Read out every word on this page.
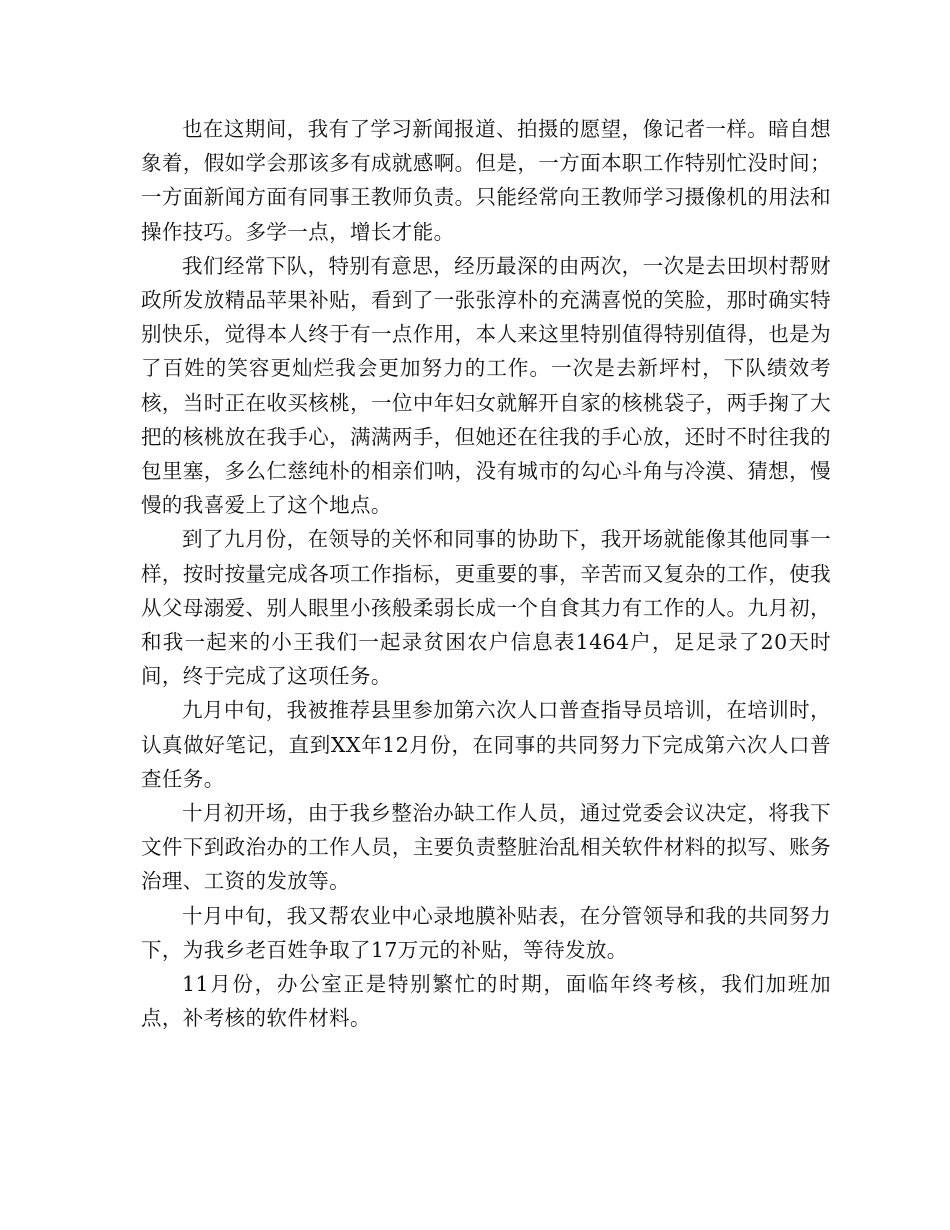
也在这期间，我有了学习新闻报道、拍摄的愿望，像记者一样。暗自想象着，假如学会那该多有成就感啊。但是，一方面本职工作特别忙没时间；一方面新闻方面有同事王教师负责。只能经常向王教师学习摄像机的用法和操作技巧。多学一点，增长才能。

我们经常下队，特别有意思，经历最深的由两次，一次是去田坝村帮财政所发放精品苹果补贴，看到了一张张淳朴的充满喜悦的笑脸，那时确实特别快乐，觉得本人终于有一点作用，本人来这里特别值得特别值得，也是为了百姓的笑容更灿烂我会更加努力的工作。一次是去新坪村，下队绩效考核，当时正在收买核桃，一位中年妇女就解开自家的核桃袋子，两手掬了大把的核桃放在我手心，满满两手，但她还在往我的手心放，还时不时往我的包里塞，多么仁慈纯朴的相亲们呐，没有城市的勾心斗角与冷漠、猜想，慢慢的我喜爱上了这个地点。

到了九月份，在领导的关怀和同事的协助下，我开场就能像其他同事一样，按时按量完成各项工作指标，更重要的事，辛苦而又复杂的工作，使我从父母溺爱、别人眼里小孩般柔弱长成一个自食其力有工作的人。九月初，和我一起来的小王我们一起录贫困农户信息表1464户，足足录了20天时间，终于完成了这项任务。

九月中旬，我被推荐县里参加第六次人口普查指导员培训，在培训时，认真做好笔记，直到XX年12月份，在同事的共同努力下完成第六次人口普查任务。

十月初开场，由于我乡整治办缺工作人员，通过党委会议决定，将我下文件下到政治办的工作人员，主要负责整脏治乱相关软件材料的拟写、账务治理、工资的发放等。

十月中旬，我又帮农业中心录地膜补贴表，在分管领导和我的共同努力下，为我乡老百姓争取了17万元的补贴，等待发放。

11月份，办公室正是特别繁忙的时期，面临年终考核，我们加班加点，补考核的软件材料。
